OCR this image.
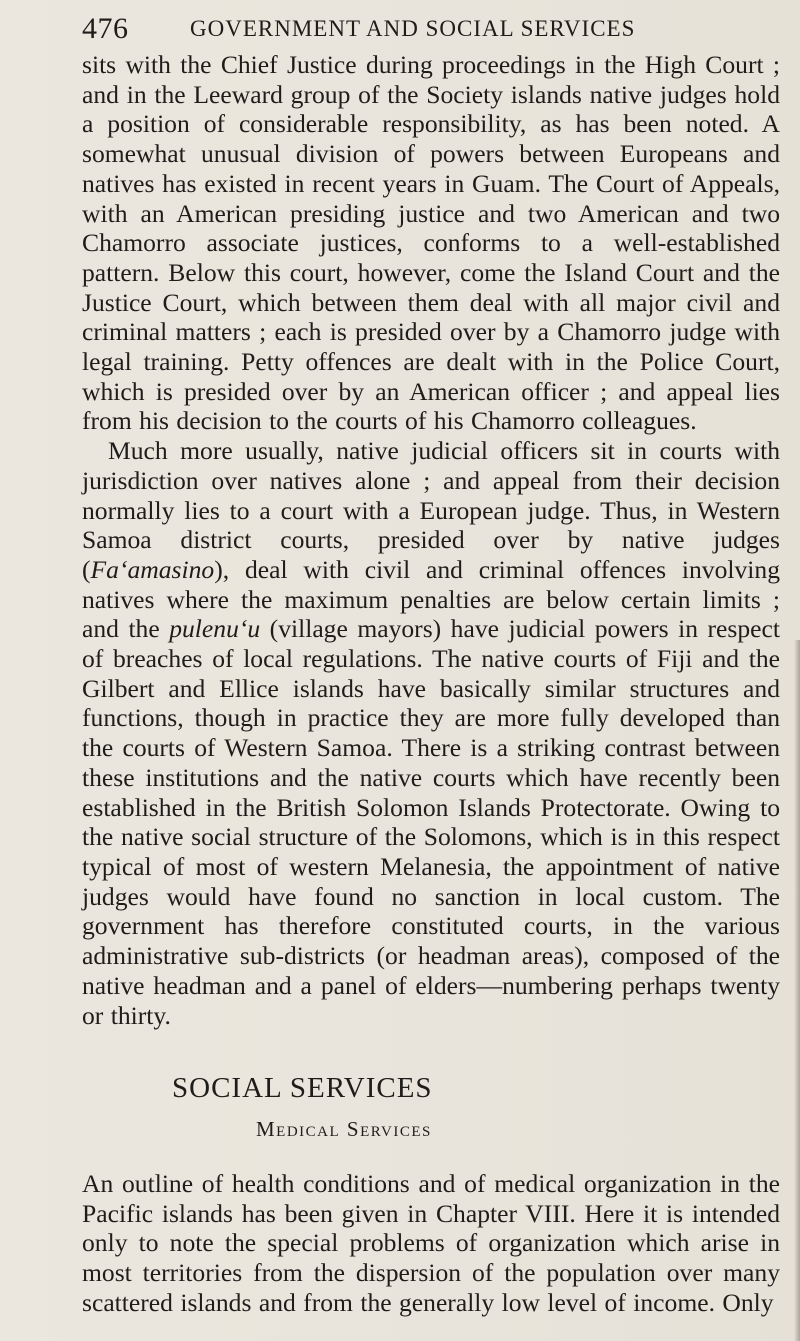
476	GOVERNMENT AND SOCIAL SERVICES

sits with the Chief Justice during proceedings in the High Court ; and in the Leeward group of the Society islands native judges hold a position of considerable responsibility, as has been noted. A somewhat unusual division of powers between Europeans and natives has existed in recent years in Guam. The Court of Appeals, with an American presiding justice and two American and two Chamorro associate justices, conforms to a well-established pattern. Below this court, however, come the Island Court and the Justice Court, which between them deal with all major civil and criminal matters ; each is presided over by a Chamorro judge with legal training. Petty offences are dealt with in the Police Court, which is presided over by an American officer ; and appeal lies from his decision to the courts of his Chamorro colleagues.

Much more usually, native judicial officers sit in courts with jurisdiction over natives alone ; and appeal from their decision normally lies to a court with a European judge. Thus, in Western Samoa district courts, presided over by native judges (Fa‘amasino), deal with civil and criminal offences involving natives where the maximum penalties are below certain limits ; and the pulenu‘u (village mayors) have judicial powers in respect of breaches of local regulations. The native courts of Fiji and the Gilbert and Ellice islands have basically similar structures and functions, though in practice they are more fully developed than the courts of Western Samoa. There is a striking contrast between these institutions and the native courts which have recently been established in the British Solomon Islands Protectorate. Owing to the native social structure of the Solomons, which is in this respect typical of most of western Melanesia, the appointment of native judges would have found no sanction in local custom. The government has therefore constituted courts, in the various administrative sub-districts (or headman areas), composed of the native headman and a panel of elders—numbering perhaps twenty or thirty.

SOCIAL SERVICES
Medical Services

An outline of health conditions and of medical organization in the Pacific islands has been given in Chapter VIII. Here it is intended only to note the special problems of organization which arise in most territories from the dispersion of the population over many scattered islands and from the generally low level of income. Only
